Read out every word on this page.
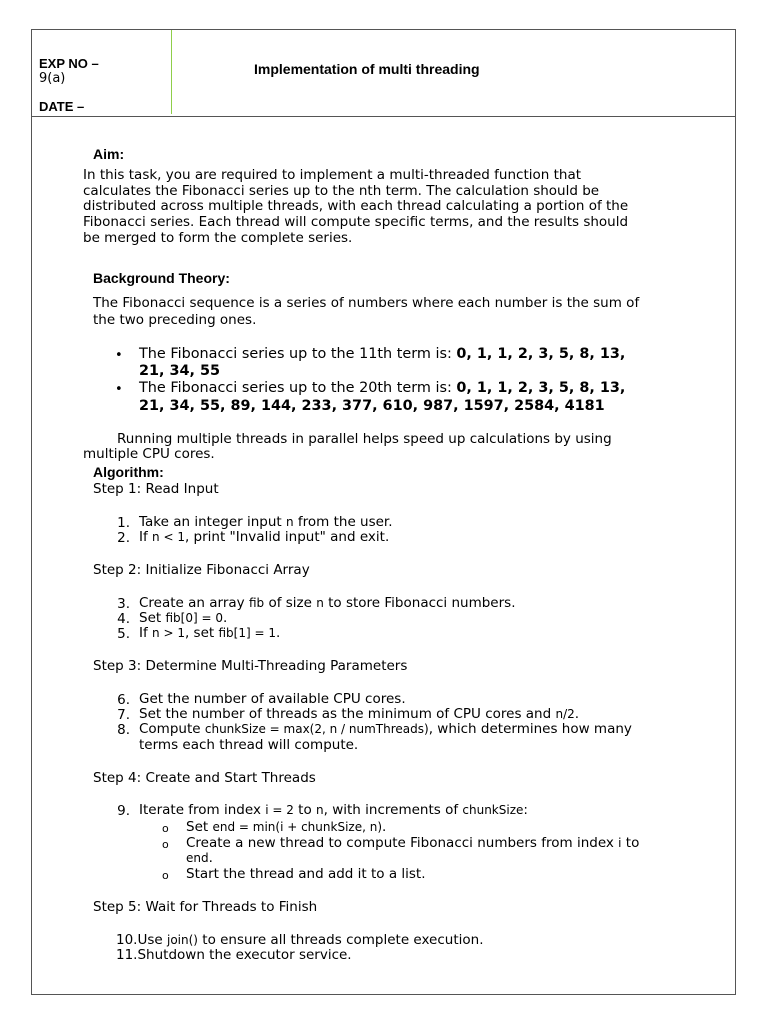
EXP NO –
9(a)
DATE –
Implementation of multi threading
Aim:
In this task, you are required to implement a multi-threaded function that
calculates the Fibonacci series up to the nth term. The calculation should be
distributed across multiple threads, with each thread calculating a portion of the
Fibonacci series. Each thread will compute specific terms, and the results should
be merged to form the complete series.
Background Theory:
The Fibonacci sequence is a series of numbers where each number is the sum of
the two preceding ones.
• The Fibonacci series up to the 11th term is: 0, 1, 1, 2, 3, 5, 8, 13,
21, 34, 55
• The Fibonacci series up to the 20th term is: 0, 1, 1, 2, 3, 5, 8, 13,
21, 34, 55, 89, 144, 233, 377, 610, 987, 1597, 2584, 4181
Running multiple threads in parallel helps speed up calculations by using
multiple CPU cores.
Algorithm:
Step 1: Read Input
1. Take an integer input n from the user.
2. If n < 1, print "Invalid input" and exit.
Step 2: Initialize Fibonacci Array
3. Create an array fib of size n to store Fibonacci numbers.
4. Set fib[0] = 0.
5. If n > 1, set fib[1] = 1.
Step 3: Determine Multi-Threading Parameters
6. Get the number of available CPU cores.
7. Set the number of threads as the minimum of CPU cores and n/2.
8. Compute chunkSize = max(2, n / numThreads), which determines how many
terms each thread will compute.
Step 4: Create and Start Threads
9. Iterate from index i = 2 to n, with increments of chunkSize:
o Set end = min(i + chunkSize, n).
o Create a new thread to compute Fibonacci numbers from index i to
end.
o Start the thread and add it to a list.
Step 5: Wait for Threads to Finish
10.Use join() to ensure all threads complete execution.
11.Shutdown the executor service.
